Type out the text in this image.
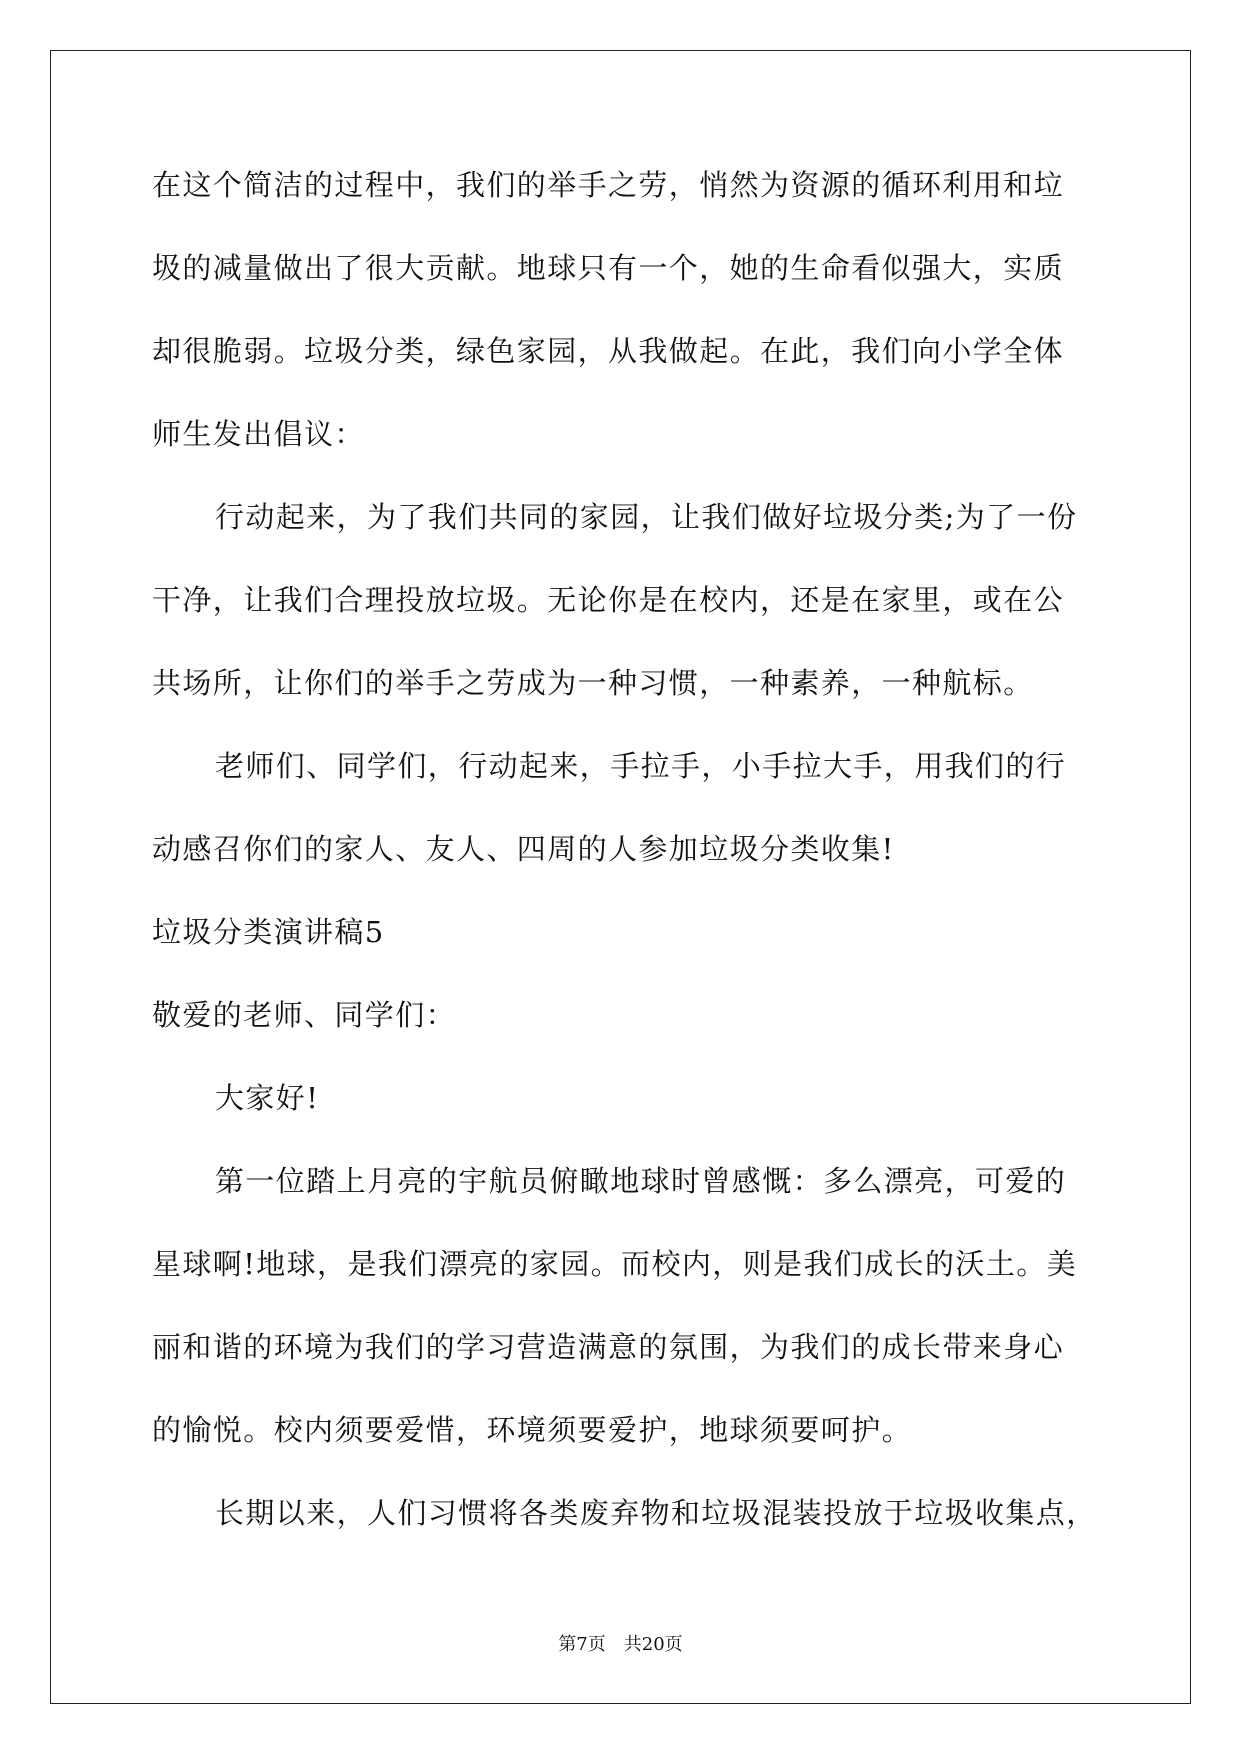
在这个简洁的过程中，我们的举手之劳，悄然为资源的循环利用和垃
圾的减量做出了很大贡献。地球只有一个，她的生命看似强大，实质
却很脆弱。垃圾分类，绿色家园，从我做起。在此，我们向小学全体
师生发出倡议：
行动起来，为了我们共同的家园，让我们做好垃圾分类;为了一份
干净，让我们合理投放垃圾。无论你是在校内，还是在家里，或在公
共场所，让你们的举手之劳成为一种习惯，一种素养，一种航标。
老师们、同学们，行动起来，手拉手，小手拉大手，用我们的行
动感召你们的家人、友人、四周的人参加垃圾分类收集!
垃圾分类演讲稿5
敬爱的老师、同学们：
大家好!
第一位踏上月亮的宇航员俯瞰地球时曾感慨：多么漂亮，可爱的
星球啊!地球，是我们漂亮的家园。而校内，则是我们成长的沃土。美
丽和谐的环境为我们的学习营造满意的氛围，为我们的成长带来身心
的愉悦。校内须要爱惜，环境须要爱护，地球须要呵护。
长期以来，人们习惯将各类废弃物和垃圾混装投放于垃圾收集点，
第7页　共20页
